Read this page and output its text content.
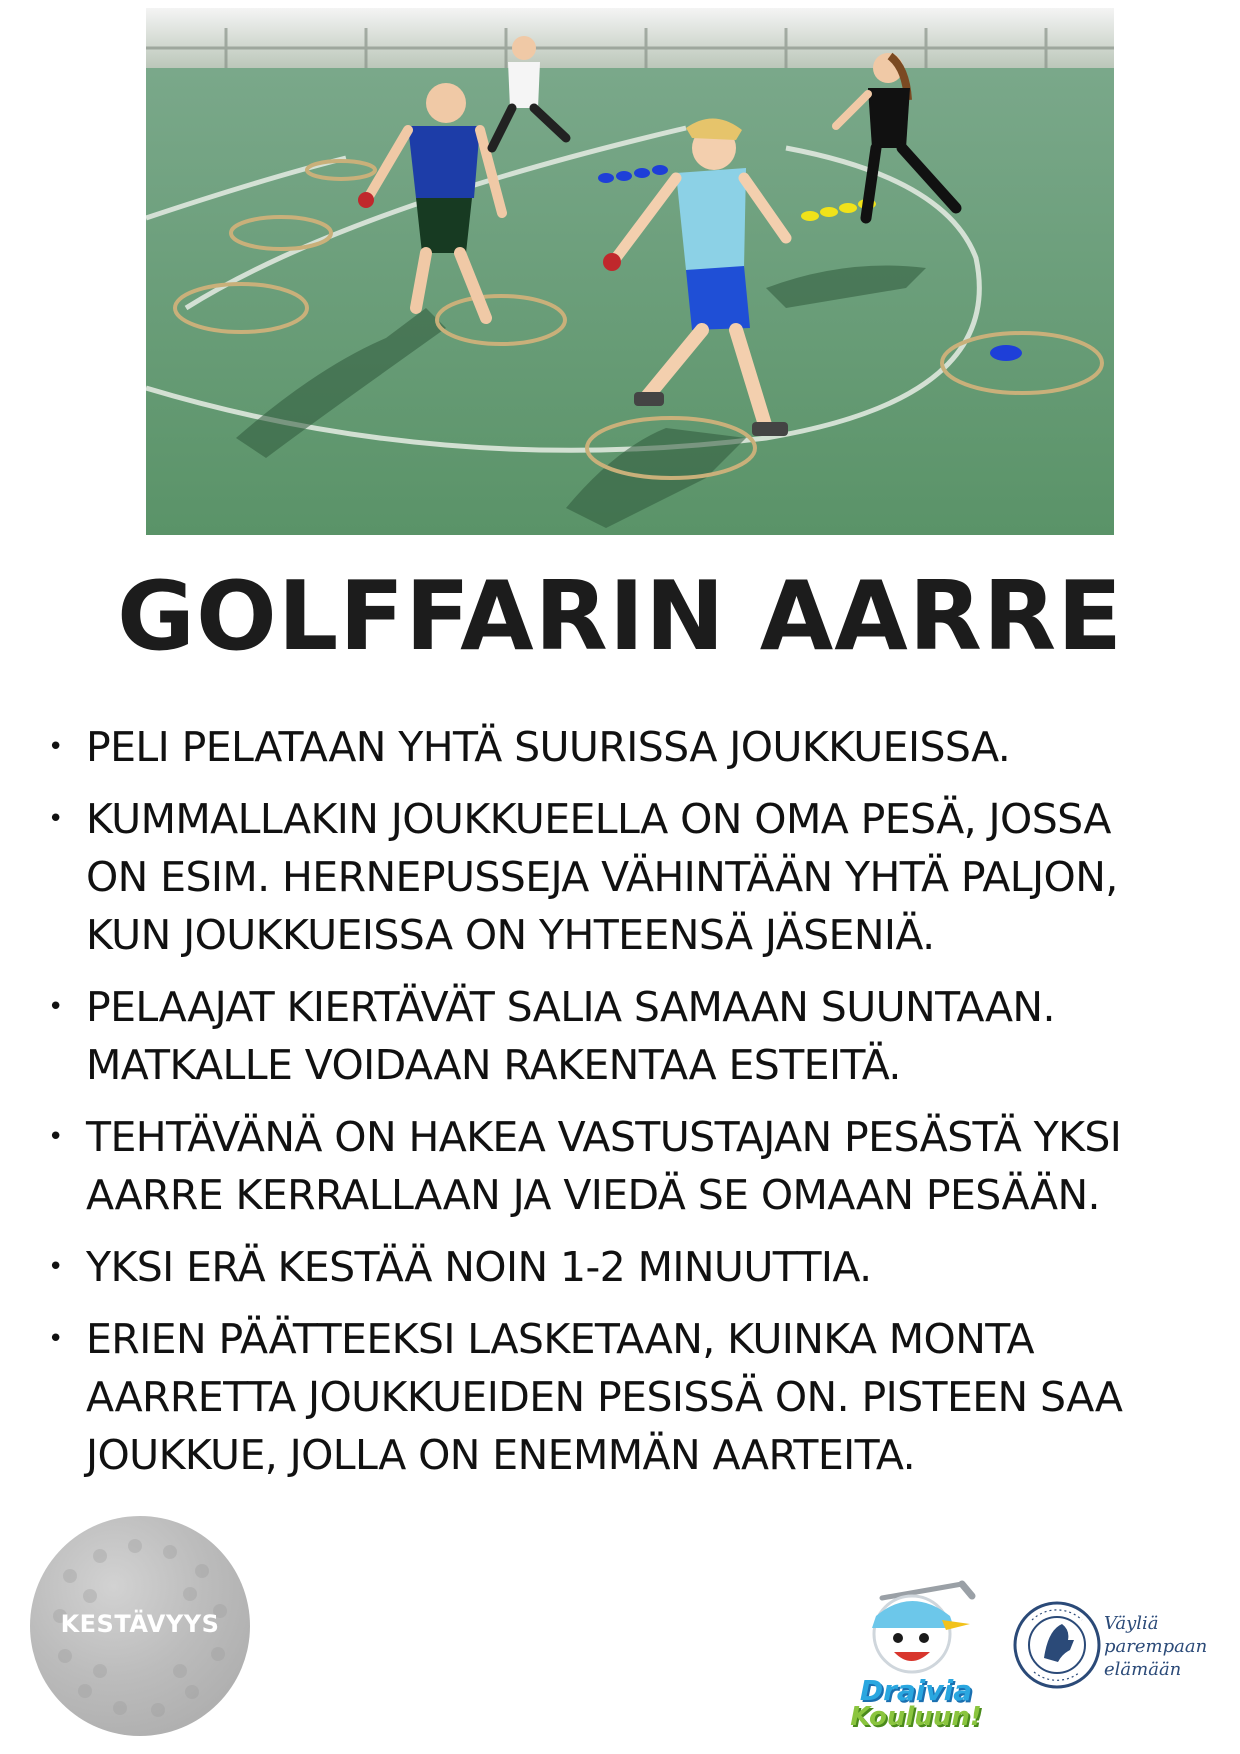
GOLFFARIN AARRE
• PELI PELATAAN YHTÄ SUURISSA JOUKKUEISSA.
• KUMMALLAKIN JOUKKUEELLA ON OMA PESÄ, JOSSA
ON ESIM. HERNEPUSSEJA VÄHINTÄÄN YHTÄ PALJON,
KUN JOUKKUEISSA ON YHTEENSÄ JÄSENIÄ.
• PELAAJAT KIERTÄVÄT SALIA SAMAAN SUUNTAAN.
MATKALLE VOIDAAN RAKENTAA ESTEITÄ.
• TEHTÄVÄNÄ ON HAKEA VASTUSTAJAN PESÄSTÄ YKSI
AARRE KERRALLAAN JA VIEDÄ SE OMAAN PESÄÄN.
• YKSI ERÄ KESTÄÄ NOIN 1-2 MINUUTTIA.
• ERIEN PÄÄTTEEKSI LASKETAAN, KUINKA MONTA
AARRETTA JOUKKUEIDEN PESISSÄ ON. PISTEEN SAA
JOUKKUE, JOLLA ON ENEMMÄN AARTEITA.
KESTÄVYYS
Draivia
Kouluun!
Väyliä
parempaan
elämään
